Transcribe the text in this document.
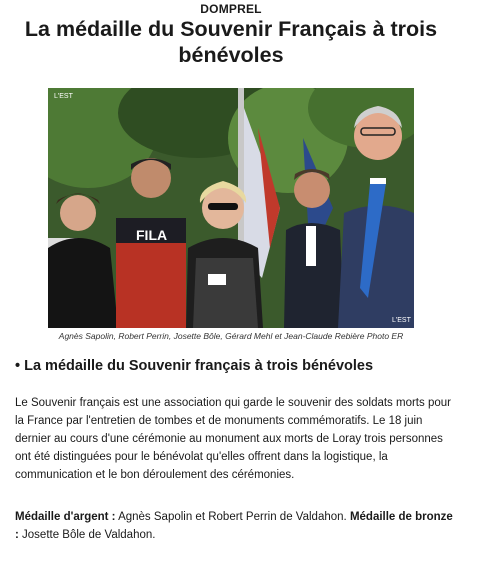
DOMPREL
La médaille du Souvenir Français à trois bénévoles
FILA
L'EST
L'EST
Agnès Sapolin, Robert Perrin, Josette Bôle, Gérard Mehl et Jean-Claude Rebière Photo ER
• La médaille du Souvenir français à trois bénévoles

Le Souvenir français est une association qui garde le souvenir des soldats morts pour la France par l'entretien de tombes et de monuments commémoratifs. Le 18 juin dernier au cours d'une cérémonie au monument aux morts de Loray trois personnes ont été distinguées pour le bénévolat qu'elles offrent dans la logistique, la communication et le bon déroulement des cérémonies.

Médaille d'argent : Agnès Sapolin et Robert Perrin de Valdahon. Médaille de bronze : Josette Bôle de Valdahon.
